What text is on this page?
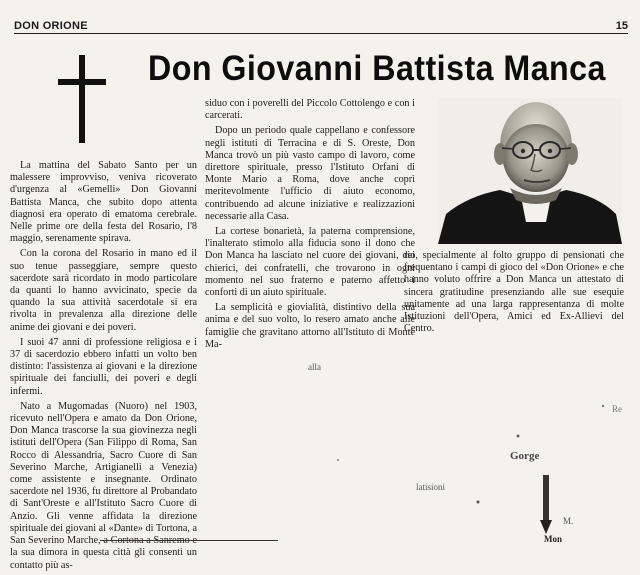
DON ORIONE	15
Don Giovanni Battista Manca

La mattina del Sabato Santo per un malessere improvviso, veniva ricoverato d'urgenza al «Gemelli» Don Giovanni Battista Manca, che subito dopo attenta diagnosi era operato di ematoma cerebrale. Nelle prime ore della festa del Rosario, l'8 maggio, serenamente spirava.

Con la corona del Rosario in mano ed il suo tenue passeggiare, sempre questo sacerdote sarà ricordato in modo particolare da quanti lo hanno avvicinato, specie da quando la sua attività sacerdotale si era rivolta in prevalenza alla direzione delle anime dei giovani e dei poveri.

I suoi 47 anni di professione religiosa e i 37 di sacerdozio ebbero infatti un volto ben distinto: l'assistenza ai giovani e la direzione spirituale dei fanciulli, dei poveri e degli infermi.

Nato a Mugomadas (Nuoro) nel 1903, ricevuto nell'Opera e amato da Don Orione, Don Manca trascorse la sua giovinezza negli istituti dell'Opera (San Filippo di Roma, San Rocco di Alessandria, Sacro Cuore di San Severino Marche, Artigianelli a Venezia) come assistente e insegnante. Ordinato sacerdote nel 1936, fu direttore al Probandato di Sant'Oreste e all'Istituto Sacro Cuore di Anzio. Gli venne affidata la direzione spirituale dei giovani al «Dante» di Tortona, a San Severino Marche, a Cortona a Sanremo e la sua dimora in questa città gli consentì un contatto più as-

siduo con i poverelli del Piccolo Cottolengo e con i carcerati.

Dopo un periodo quale cappellano e confessore negli istituti di Terracina e di S. Oreste, Don Manca trovò un più vasto campo di lavoro, come direttore spirituale, presso l'Istituto Orfani di Monte Mario a Roma, dove anche coprì meritevolmente l'ufficio di aiuto economo, contribuendo ad alcune iniziative e realizzazioni necessarie alla Casa.

La cortese bonarietà, la paterna comprensione, l'inalterato stimolo alla fiducia sono il dono che Don Manca ha lasciato nel cuore dei giovani, dei chierici, dei confratelli, che trovarono in ogni momento nel suo fraterno e paterno affetto i conforti di un aiuto spirituale.

La semplicità e giovialità, distintivo della sua anima e del suo volto, lo resero amato anche alle famiglie che gravitano attorno all'Istituto di Monte Ma-

rio, specialmente al folto gruppo di pensionati che frequentano i campi di gioco del «Don Orione» e che hanno voluto offrire a Don Manca un attestato di sincera gratitudine presenziando alle sue esequie unitamente ad una larga rappresentanza di molte Istituzioni dell'Opera, Amici ed Ex-Allievi del Centro.

alla
Gorge
latisioni
M.
Mon
Re
